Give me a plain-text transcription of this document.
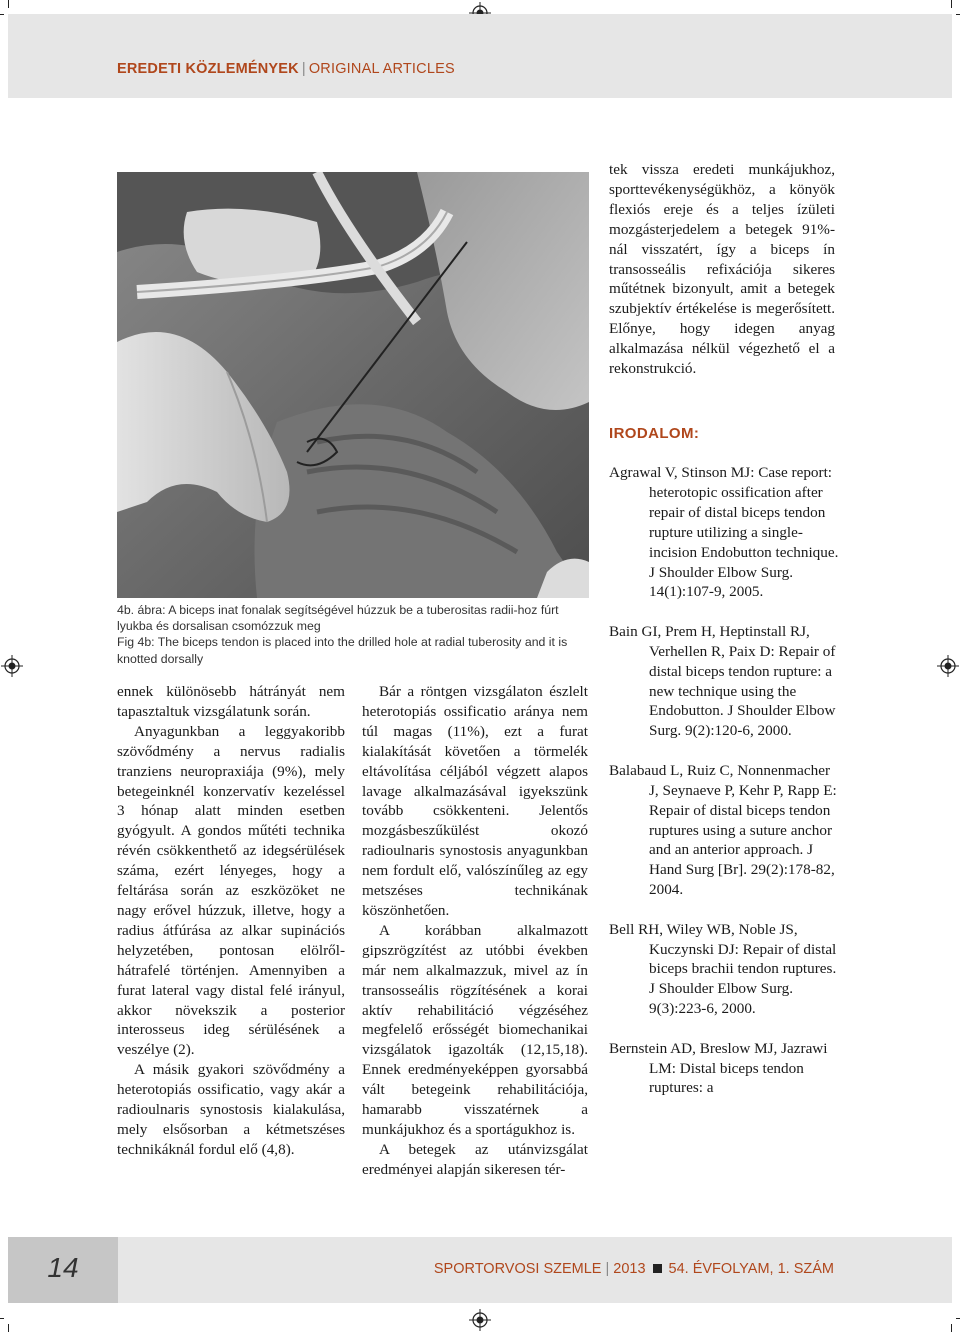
EREDETI KÖZLEMÉNYEK | ORIGINAL ARTICLES

4b. ábra: A biceps inat fonalak segítségével húzzuk be a tuberositas radii-hoz fúrt lyukba és dorsalisan csomózzuk meg

Fig 4b: The biceps tendon is placed into the drilled hole at radial tuberosity and it is knotted dorsally

ennek különösebb hátrányát nem tapasztaltuk vizsgálatunk során.

Anyagunkban a leggyakoribb szövődmény a nervus radialis tranziens neuropraxiája (9%), mely betegeinknél konzervatív kezeléssel 3 hónap alatt minden esetben gyógyult. A gondos műtéti technika révén csökkenthető az idegsérülések száma, ezért lényeges, hogy a feltárása során az eszközöket ne nagy erővel húzzuk, illetve, hogy a radius átfúrása az alkar supinációs helyzetében, pontosan elölről-hátrafelé történjen. Amennyiben a furat lateral vagy distal felé irányul, akkor növekszik a posterior interosseus ideg sérülésének a veszélye (2).

A másik gyakori szövődmény a heterotopiás ossificatio, vagy akár a radioulnaris synostosis kialakulása, mely elsősorban a kétmetszéses technikáknál fordul elő (4,8).

Bár a röntgen vizsgálaton észlelt heterotopiás ossificatio aránya nem túl magas (11%), ezt a furat kialakítását követően a törmelék eltávolítása céljából végzett alapos lavage alkalmazásával igyekszünk tovább csökkenteni. Jelentős mozgásbeszűkülést okozó radioulnaris synostosis anyagunkban nem fordult elő, valószínűleg az egy metszéses technikának köszönhetően.

A korábban alkalmazott gipszrögzítést az utóbbi években már nem alkalmazzuk, mivel az ín transosseális rögzítésének a korai aktív rehabilitáció végzéséhez megfelelő erősségét biomechanikai vizsgálatok igazolták (12,15,18). Ennek eredményeképpen gyorsabbá vált betegeink rehabilitációja, hamarabb visszatérnek a munkájukhoz és a sportágukhoz is.

A betegek az utánvizsgálat eredményei alapján sikeresen tér-

tek vissza eredeti munkájukhoz, sporttevékenységükhöz, a könyök flexiós ereje és a teljes ízületi mozgásterjedelem a betegek 91%-nál visszatért, így a biceps ín transosseális refixációja sikeres műtétnek bizonyult, amit a betegek szubjektív értékelése is megerősített. Előnye, hogy idegen anyag alkalmazása nélkül végezhető el a rekonstrukció.

IRODALOM:
Agrawal V, Stinson MJ: Case report: heterotopic ossification after repair of distal biceps tendon rupture utilizing a single-incision Endobutton technique. J Shoulder Elbow Surg. 14(1):107-9, 2005.
Bain GI, Prem H, Heptinstall RJ, Verhellen R, Paix D: Repair of distal biceps tendon rupture: a new technique using the Endobutton. J Shoulder Elbow Surg. 9(2):120-6, 2000.
Balabaud L, Ruiz C, Nonnenmacher J, Seynaeve P, Kehr P, Rapp E: Repair of distal biceps tendon ruptures using a suture anchor and an anterior approach. J Hand Surg [Br]. 29(2):178-82, 2004.
Bell RH, Wiley WB, Noble JS, Kuczynski DJ: Repair of distal biceps brachii tendon ruptures. J Shoulder Elbow Surg. 9(3):223-6, 2000.
Bernstein AD, Breslow MJ, Jazrawi LM: Distal biceps tendon ruptures: a
14	SPORTORVOSI SZEMLE | 2013 54. ÉVFOLYAM, 1. SZÁM
